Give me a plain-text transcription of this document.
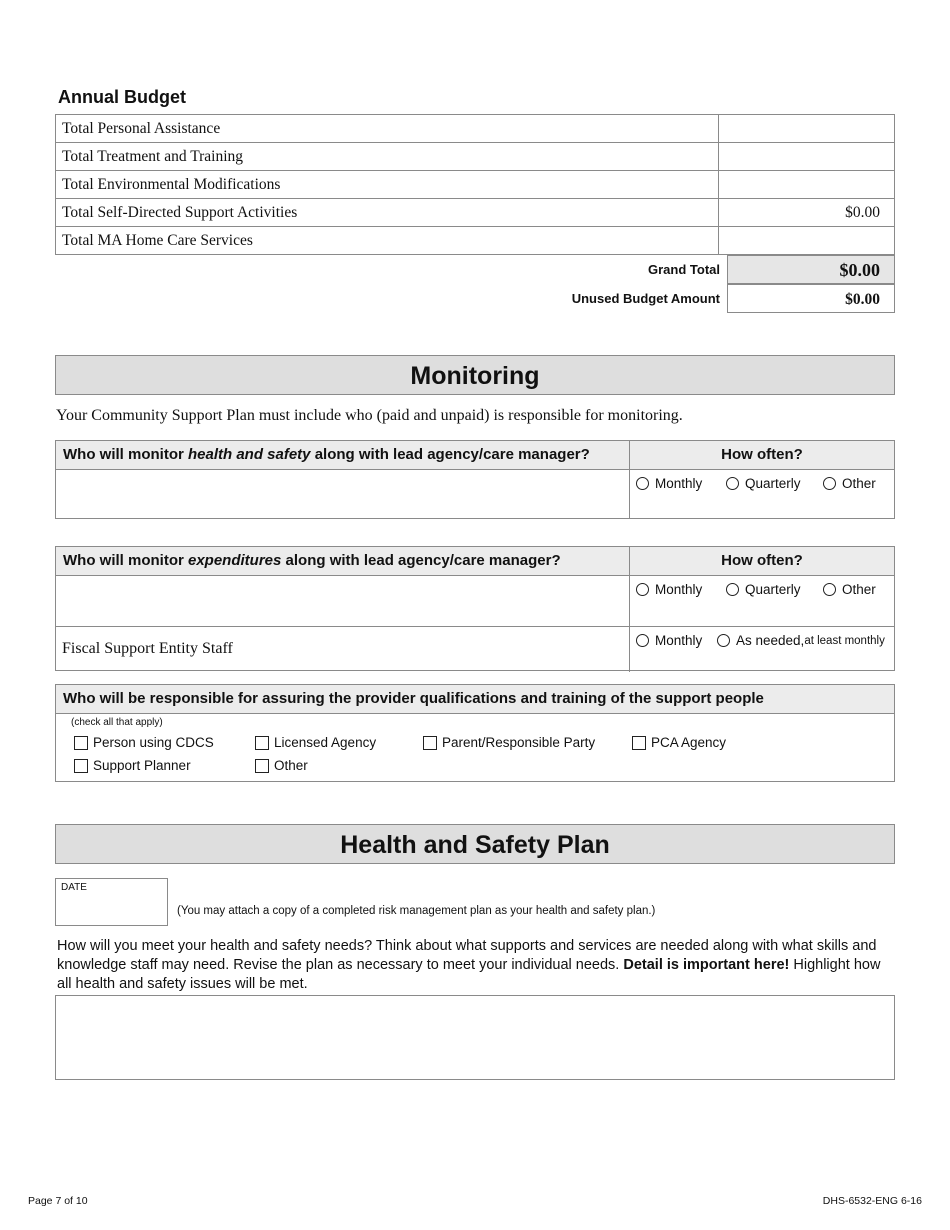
Annual Budget
Total Personal Assistance	
Total Treatment and Training	
Total Environmental Modifications	
Total Self-Directed Support Activities	$0.00
Total MA Home Care Services	
Grand Total	$0.00
Unused Budget Amount	$0.00
Monitoring
Your Community Support Plan must include who (paid and unpaid) is responsible for monitoring.
Who will monitor health and safety along with lead agency/care manager?	How often?
Monthly	Quarterly	Other
Who will monitor expenditures along with lead agency/care manager?	How often?
Monthly	Quarterly	Other
Fiscal Support Entity Staff	Monthly As needed, at least monthly
Who will be responsible for assuring the provider qualifications and training of the support people
(check all that apply)
Person using CDCS	Licensed Agency	Parent/Responsible Party	PCA Agency
Support Planner	Other
Health and Safety Plan
DATE
(You may attach a copy of a completed risk management plan as your health and safety plan.)
How will you meet your health and safety needs? Think about what supports and services are needed along with what skills and knowledge staff may need. Revise the plan as necessary to meet your individual needs. Detail is important here! Highlight how all health and safety issues will be met.
Page 7 of 10	DHS-6532-ENG 6-16
